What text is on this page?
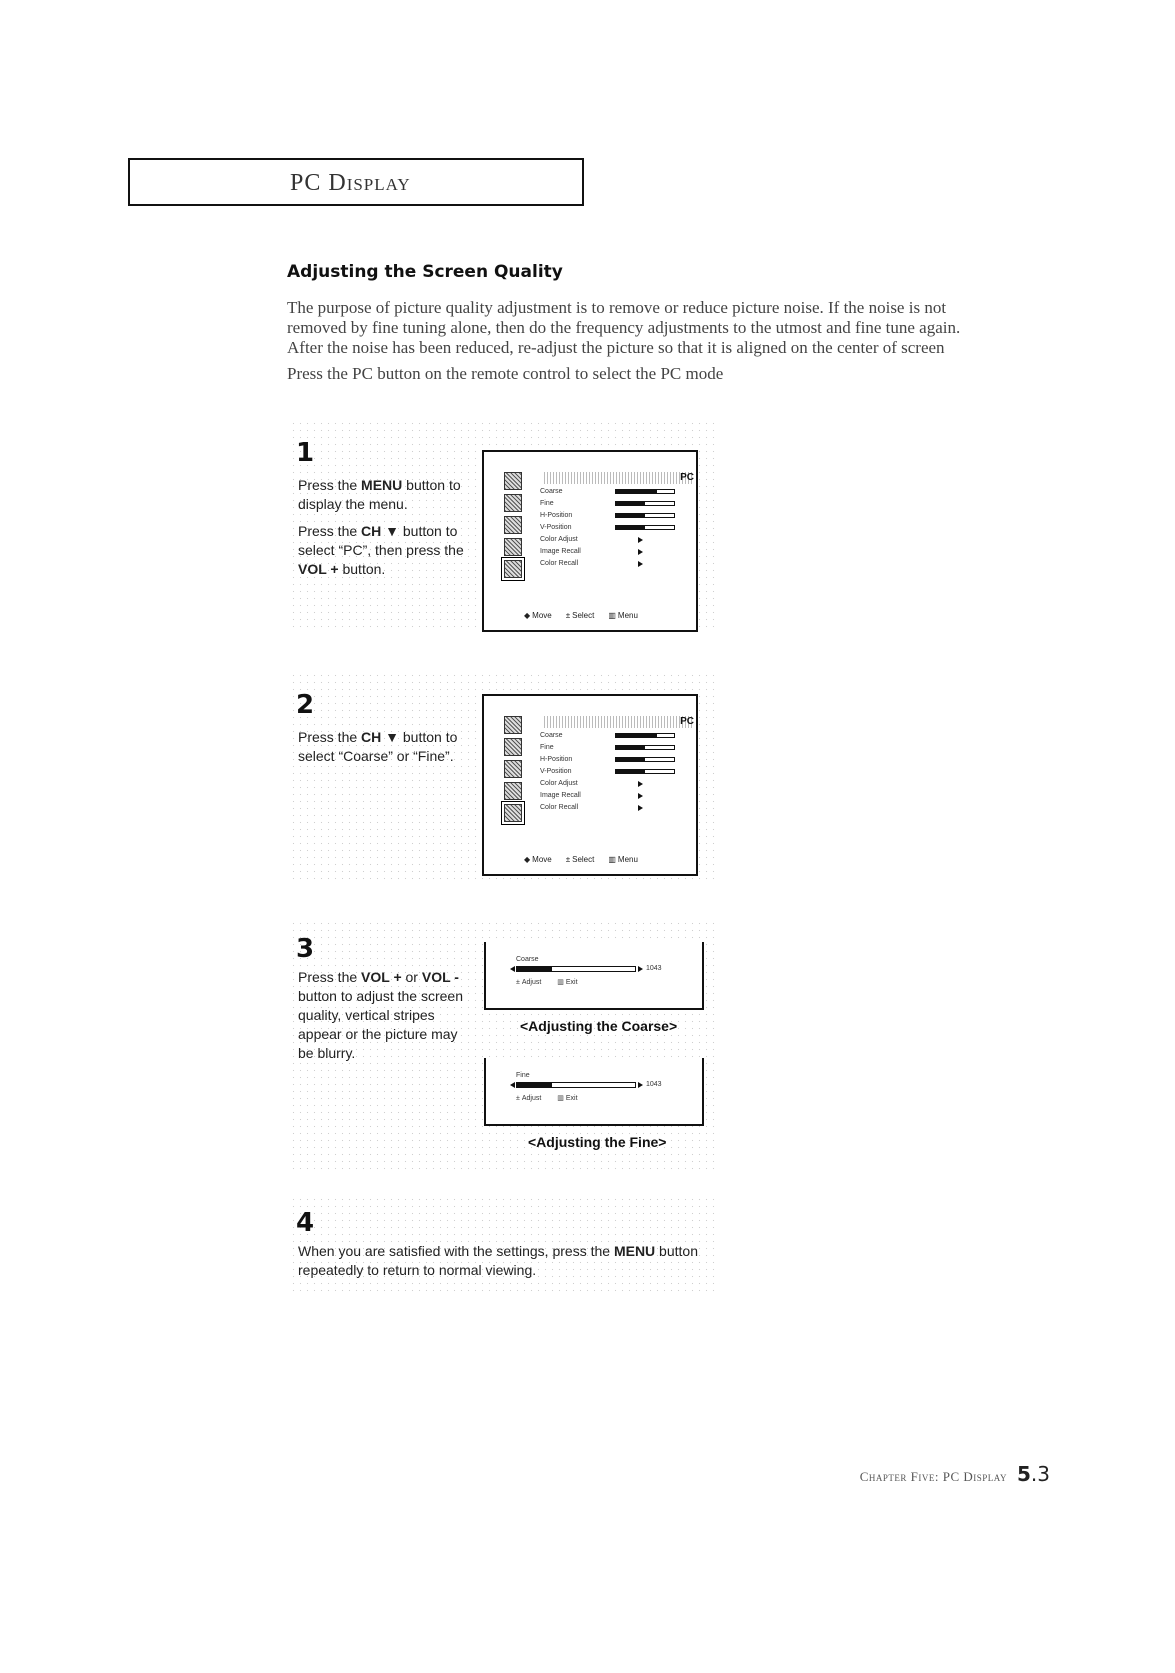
PC Display
Adjusting the Screen Quality

The purpose of picture quality adjustment is to remove or reduce picture noise. If the noise is not removed by fine tuning alone, then do the frequency adjustments to the utmost and fine tune again. After the noise has been reduced, re-adjust the picture so that it is aligned on the center of screen

Press the PC button on the remote control to select the PC mode

1

Press the MENU button to display the menu.

Press the CH ▼ button to select “PC”, then press the VOL + button.

PC
Coarse
Fine
H-Position
V-Position
Color Adjust
Image Recall
Color Recall
◆ Move ± Select ▥ Menu
2

Press the CH ▼ button to select “Coarse” or “Fine”.

PC
Coarse
Fine
H-Position
V-Position
Color Adjust
Image Recall
Color Recall
◆ Move ± Select ▥ Menu
3

Press the VOL + or VOL - button to adjust the screen quality, vertical stripes appear or the picture may be blurry.

Coarse
1043
± Adjust ▥ Exit
<Adjusting the Coarse>
Fine
1043
± Adjust ▥ Exit
<Adjusting the Fine>
4

When you are satisfied with the settings, press the MENU button repeatedly to return to normal viewing.

Chapter Five: PC Display 5.3
